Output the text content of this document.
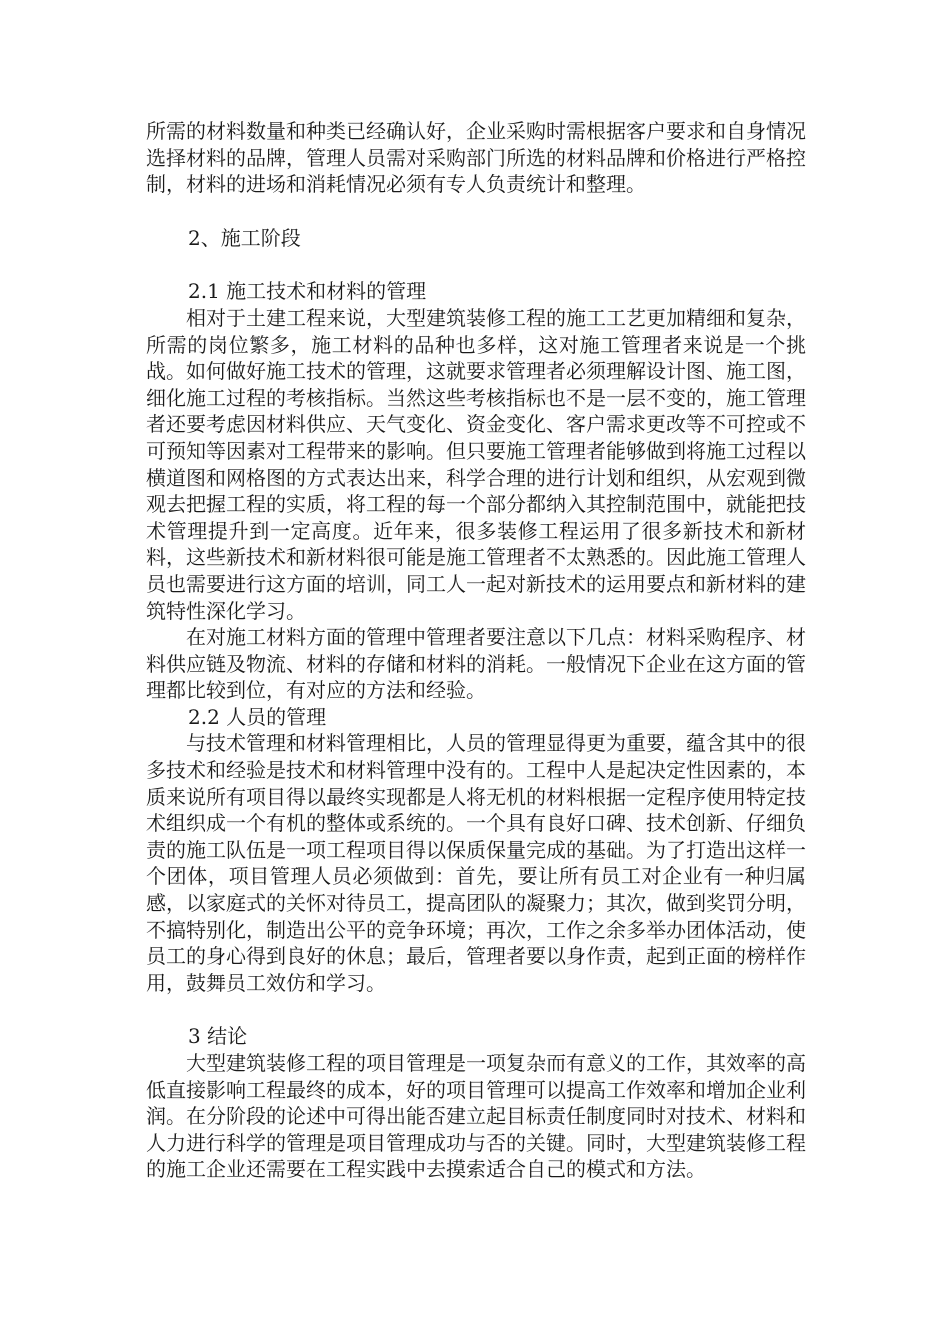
所需的材料数量和种类已经确认好，企业采购时需根据客户要求和自身情况选择材料的品牌，管理人员需对采购部门所选的材料品牌和价格进行严格控制，材料的进场和消耗情况必须有专人负责统计和整理。

2、施工阶段

2.1 施工技术和材料的管理

相对于土建工程来说，大型建筑装修工程的施工工艺更加精细和复杂，所需的岗位繁多，施工材料的品种也多样，这对施工管理者来说是一个挑战。如何做好施工技术的管理，这就要求管理者必须理解设计图、施工图，细化施工过程的考核指标。当然这些考核指标也不是一层不变的，施工管理者还要考虑因材料供应、天气变化、资金变化、客户需求更改等不可控或不可预知等因素对工程带来的影响。但只要施工管理者能够做到将施工过程以横道图和网格图的方式表达出来，科学合理的进行计划和组织，从宏观到微观去把握工程的实质，将工程的每一个部分都纳入其控制范围中，就能把技术管理提升到一定高度。近年来，很多装修工程运用了很多新技术和新材料，这些新技术和新材料很可能是施工管理者不太熟悉的。因此施工管理人员也需要进行这方面的培训，同工人一起对新技术的运用要点和新材料的建筑特性深化学习。

在对施工材料方面的管理中管理者要注意以下几点：材料采购程序、材料供应链及物流、材料的存储和材料的消耗。一般情况下企业在这方面的管理都比较到位，有对应的方法和经验。

2.2 人员的管理

与技术管理和材料管理相比，人员的管理显得更为重要，蕴含其中的很多技术和经验是技术和材料管理中没有的。工程中人是起决定性因素的，本质来说所有项目得以最终实现都是人将无机的材料根据一定程序使用特定技术组织成一个有机的整体或系统的。一个具有良好口碑、技术创新、仔细负责的施工队伍是一项工程项目得以保质保量完成的基础。为了打造出这样一个团体，项目管理人员必须做到：首先，要让所有员工对企业有一种归属感，以家庭式的关怀对待员工，提高团队的凝聚力；其次，做到奖罚分明，不搞特别化，制造出公平的竞争环境；再次，工作之余多举办团体活动，使员工的身心得到良好的休息；最后，管理者要以身作责，起到正面的榜样作用，鼓舞员工效仿和学习。

3 结论

大型建筑装修工程的项目管理是一项复杂而有意义的工作，其效率的高低直接影响工程最终的成本，好的项目管理可以提高工作效率和增加企业利润。在分阶段的论述中可得出能否建立起目标责任制度同时对技术、材料和人力进行科学的管理是项目管理成功与否的关键。同时，大型建筑装修工程的施工企业还需要在工程实践中去摸索适合自己的模式和方法。
